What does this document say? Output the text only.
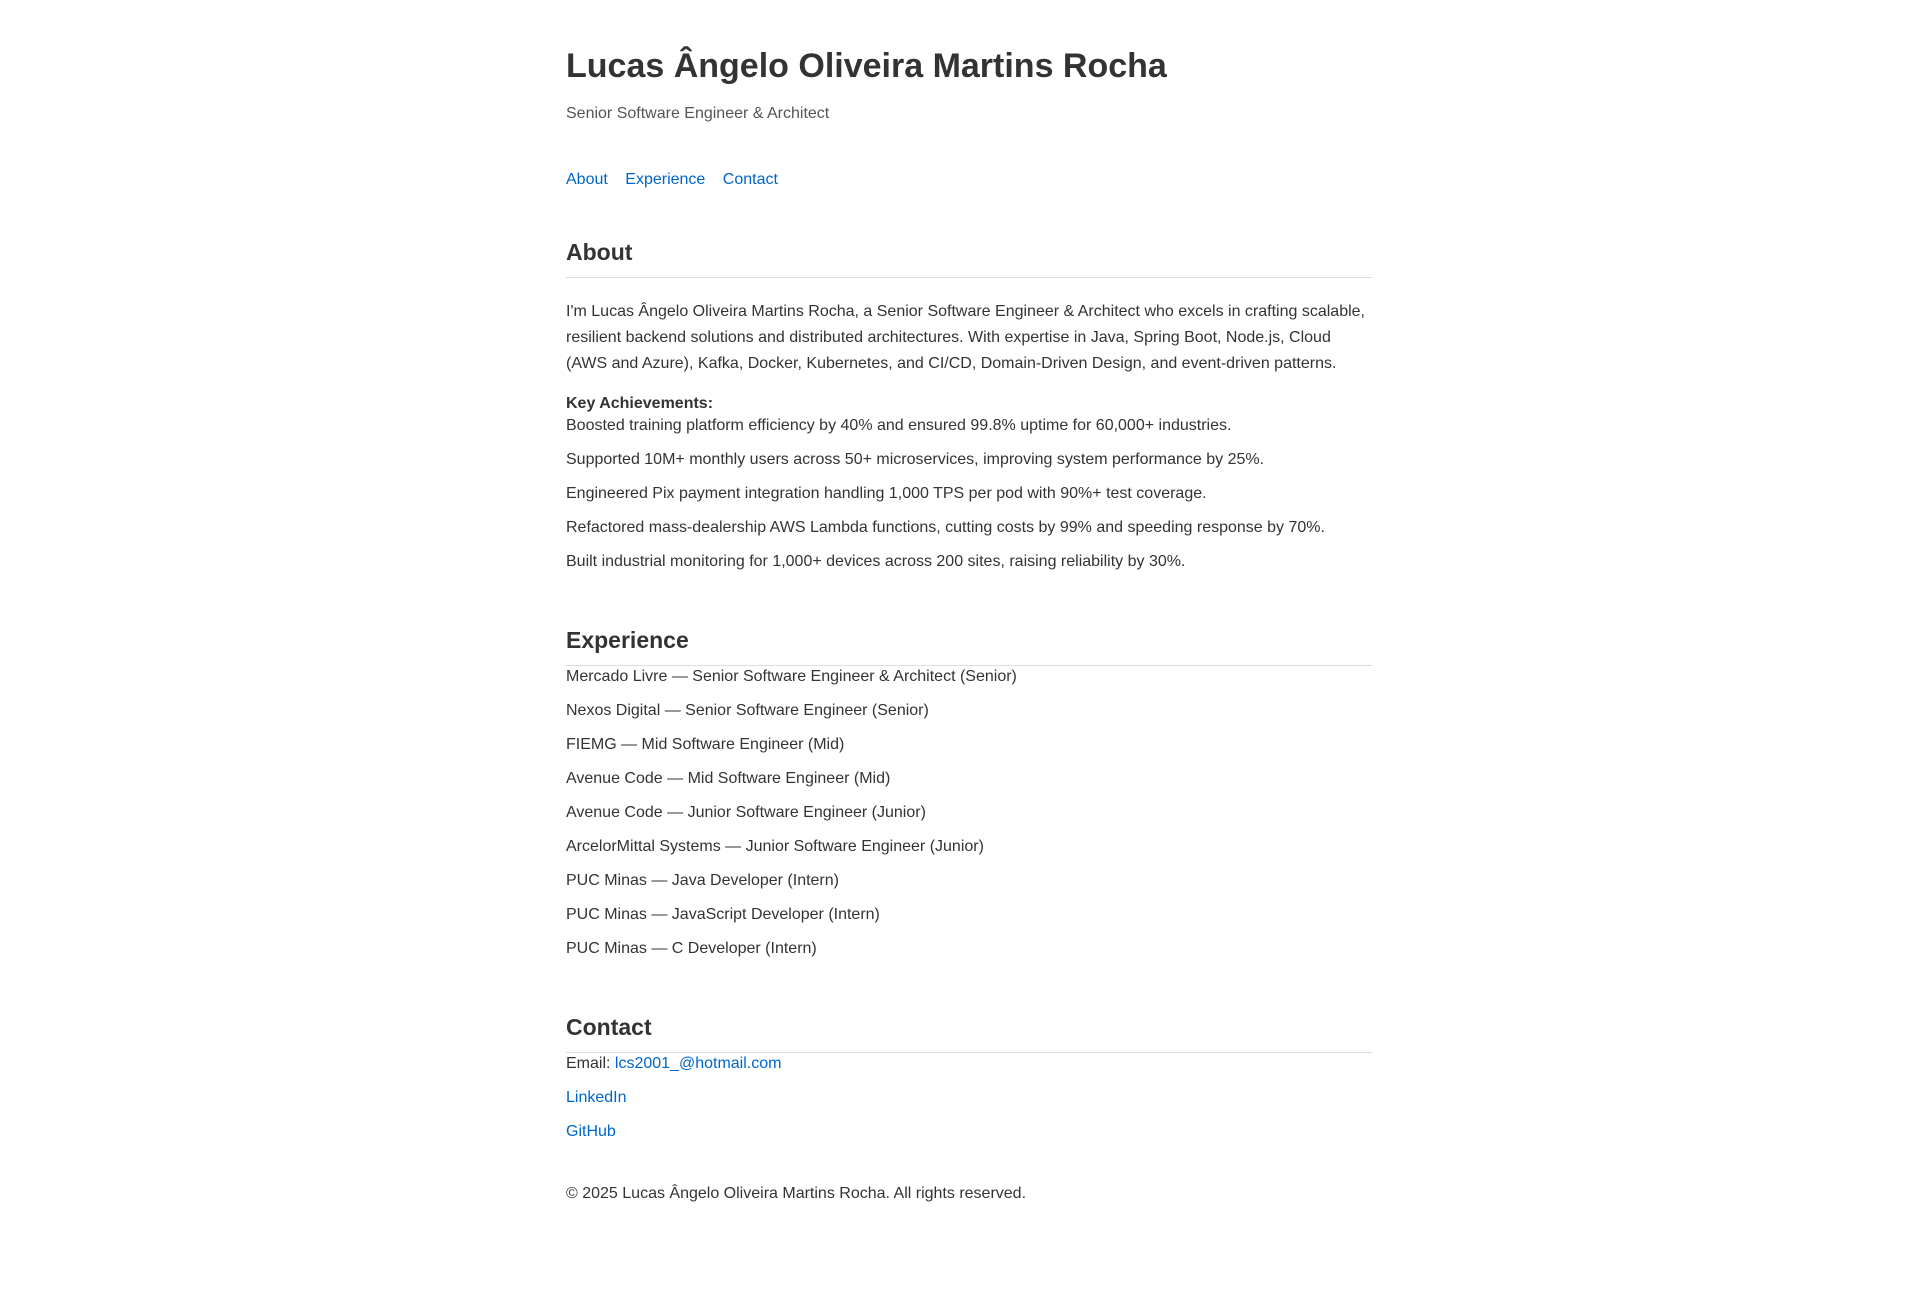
Lucas Ângelo Oliveira Martins Rocha
Senior Software Engineer & Architect
About Experience Contact
About
I'm Lucas Ângelo Oliveira Martins Rocha, a Senior Software Engineer & Architect who excels in crafting scalable, resilient backend solutions and distributed architectures. With expertise in Java, Spring Boot, Node.js, Cloud (AWS and Azure), Kafka, Docker, Kubernetes, and CI/CD, Domain-Driven Design, and event-driven patterns.
Key Achievements:
Boosted training platform efficiency by 40% and ensured 99.8% uptime for 60,000+ industries.
Supported 10M+ monthly users across 50+ microservices, improving system performance by 25%.
Engineered Pix payment integration handling 1,000 TPS per pod with 90%+ test coverage.
Refactored mass-dealership AWS Lambda functions, cutting costs by 99% and speeding response by 70%.
Built industrial monitoring for 1,000+ devices across 200 sites, raising reliability by 30%.
Experience
Mercado Livre — Senior Software Engineer & Architect (Senior)
Nexos Digital — Senior Software Engineer (Senior)
FIEMG — Mid Software Engineer (Mid)
Avenue Code — Mid Software Engineer (Mid)
Avenue Code — Junior Software Engineer (Junior)
ArcelorMittal Systems — Junior Software Engineer (Junior)
PUC Minas — Java Developer (Intern)
PUC Minas — JavaScript Developer (Intern)
PUC Minas — C Developer (Intern)
Contact
Email: lcs2001_@hotmail.com
LinkedIn
GitHub
© 2025 Lucas Ângelo Oliveira Martins Rocha. All rights reserved.
